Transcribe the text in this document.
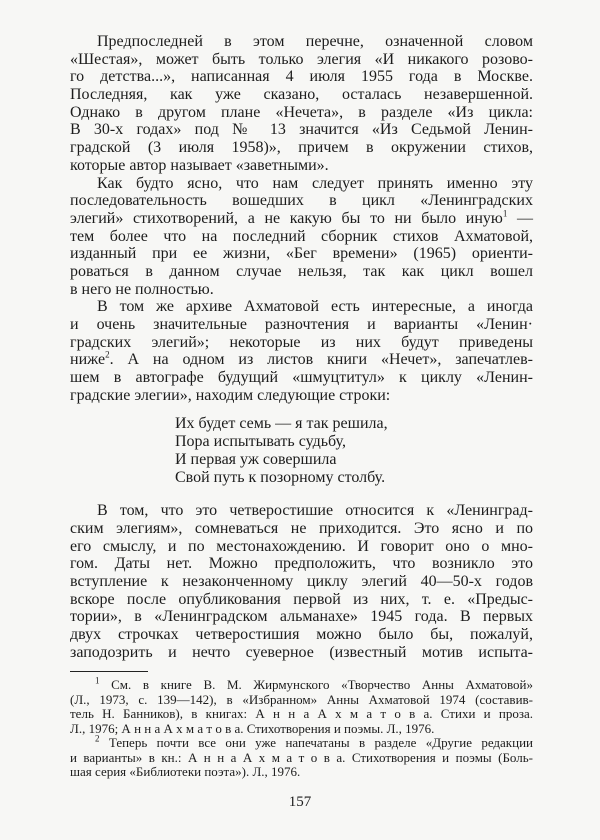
Предпоследней в этом перечне, означенной словом
«Шестая», может быть только элегия «И никакого розово-
го детства...», написанная 4 июля 1955 года в Москве.
Последняя, как уже сказано, осталась незавершенной.
Однако в другом плане «Нечета», в разделе «Из цикла:
В 30-х годах» под № 13 значится «Из Седьмой Ленин-
градской (3 июля 1958)», причем в окружении стихов,
которые автор называет «заветными».
Как будто ясно, что нам следует принять именно эту
последовательность вошедших в цикл «Ленинградских
элегий» стихотворений, а не какую бы то ни было иную$^1$ —
тем более что на последний сборник стихов Ахматовой,
изданный при ее жизни, «Бег времени» (1965) ориенти-
роваться в данном случае нельзя, так как цикл вошел
в него не полностью.
В том же архиве Ахматовой есть интересные, а иногда
и очень значительные разночтения и варианты «Ленин·
градских элегий»; некоторые из них будут приведены
ниже$^2$. А на одном из листов книги «Нечет», запечатлев-
шем в автографе будущий «шмуцтитул» к циклу «Ленин-
градские элегии», находим следующие строки:
Их будет семь — я так решила,
Пора испытывать судьбу,
И первая уж совершила
Свой путь к позорному столбу.
В том, что это четверостишие относится к «Ленинград-
ским элегиям», сомневаться не приходится. Это ясно и по
его смыслу, и по местонахождению. И говорит оно о мно-
гом. Даты нет. Можно предположить, что возникло это
вступление к незаконченному циклу элегий 40—50-х годов
вскоре после опубликования первой из них, т. е. «Предыс-
тории», в «Ленинградском альманахе» 1945 года. В первых
двух строчках четверостишия можно было бы, пожалуй,
заподозрить и нечто суеверное (известный мотив испыта-
$^1$ См. в книге В. М. Жирмунского «Творчество Анны Ахматовой»
(Л., 1973, с. 139—142), в «Избранном» Анны Ахматовой 1974 (составив-
тель Н. Банников), в книгах: А н н а А х м а т о в а. Стихи и проза.
Л., 1976; А н н а А х м а т о в а. Стихотворения и поэмы. Л., 1976.
$^2$ Теперь почти все они уже напечатаны в разделе «Другие редакции
и варианты» в кн.: А н н а А х м а т о в а. Стихотворения и поэмы (Боль-
шая серия «Библиотеки поэта»). Л., 1976.
157
